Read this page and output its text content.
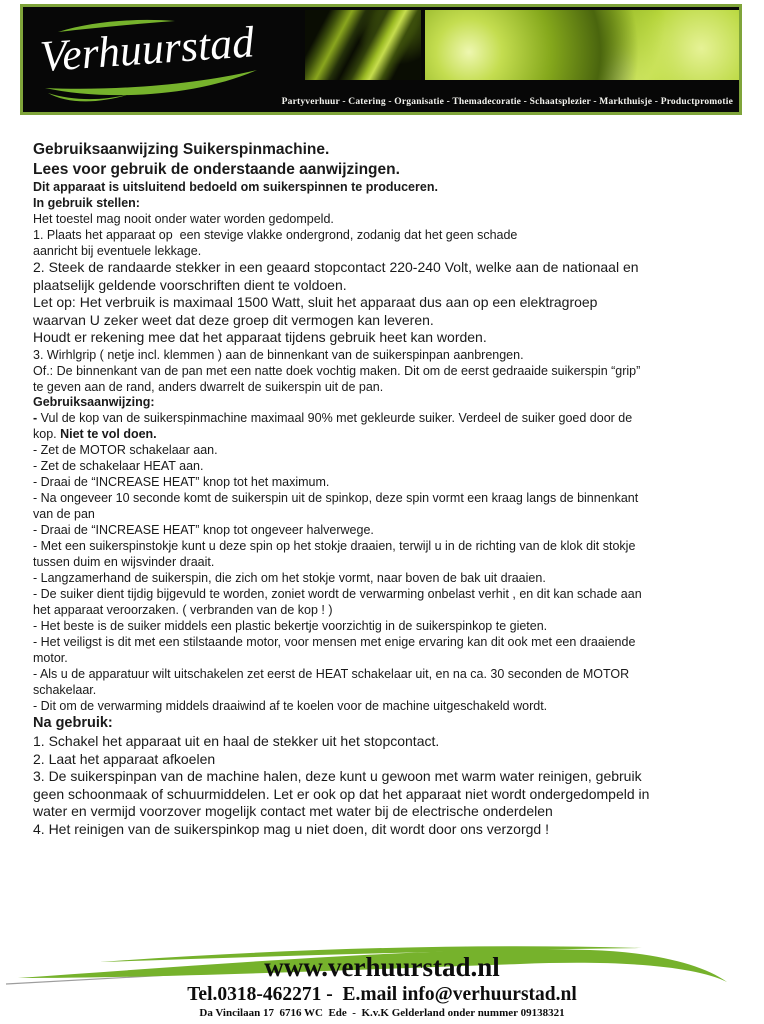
Verhuurstad
Partyverhuur - Catering - Organisatie - Themadecoratie - Schaatsplezier - Markthuisje - Productpromotie
Gebruiksaanwijzing Suikerspinmachine.
Lees voor gebruik de onderstaande aanwijzingen.
Dit apparaat is uitsluitend bedoeld om suikerspinnen te produceren.
In gebruik stellen:
Het toestel mag nooit onder water worden gedompeld.
1. Plaats het apparaat op  een stevige vlakke ondergrond, zodanig dat het geen schade
aanricht bij eventuele lekkage.
2. Steek de randaarde stekker in een geaard stopcontact 220-240 Volt, welke aan de nationaal en
plaatselijk geldende voorschriften dient te voldoen.
Let op: Het verbruik is maximaal 1500 Watt, sluit het apparaat dus aan op een elektragroep
waarvan U zeker weet dat deze groep dit vermogen kan leveren.
Houdt er rekening mee dat het apparaat tijdens gebruik heet kan worden.
3. Wirhlgrip ( netje incl. klemmen ) aan de binnenkant van de suikerspinpan aanbrengen.
Of.: De binnenkant van de pan met een natte doek vochtig maken. Dit om de eerst gedraaide suikerspin “grip”
te geven aan de rand, anders dwarrelt de suikerspin uit de pan.
Gebruiksaanwijzing:
- Vul de kop van de suikerspinmachine maximaal 90% met gekleurde suiker. Verdeel de suiker goed door de
kop. Niet te vol doen.
- Zet de MOTOR schakelaar aan.
- Zet de schakelaar HEAT aan.
- Draai de “INCREASE HEAT” knop tot het maximum.
- Na ongeveer 10 seconde komt de suikerspin uit de spinkop, deze spin vormt een kraag langs de binnenkant
van de pan
- Draai de “INCREASE HEAT” knop tot ongeveer halverwege.
- Met een suikerspinstokje kunt u deze spin op het stokje draaien, terwijl u in de richting van de klok dit stokje
tussen duim en wijsvinder draait.
- Langzamerhand de suikerspin, die zich om het stokje vormt, naar boven de bak uit draaien.
- De suiker dient tijdig bijgevuld te worden, zoniet wordt de verwarming onbelast verhit , en dit kan schade aan
het apparaat veroorzaken. ( verbranden van de kop ! )
- Het beste is de suiker middels een plastic bekertje voorzichtig in de suikerspinkop te gieten.
- Het veiligst is dit met een stilstaande motor, voor mensen met enige ervaring kan dit ook met een draaiende
motor.
- Als u de apparatuur wilt uitschakelen zet eerst de HEAT schakelaar uit, en na ca. 30 seconden de MOTOR
schakelaar.
- Dit om de verwarming middels draaiwind af te koelen voor de machine uitgeschakeld wordt.
Na gebruik:
1. Schakel het apparaat uit en haal de stekker uit het stopcontact.
2. Laat het apparaat afkoelen
3. De suikerspinpan van de machine halen, deze kunt u gewoon met warm water reinigen, gebruik
geen schoonmaak of schuurmiddelen. Let er ook op dat het apparaat niet wordt ondergedompeld in
water en vermijd voorzover mogelijk contact met water bij de electrische onderdelen
4. Het reinigen van de suikerspinkop mag u niet doen, dit wordt door ons verzorgd !
www.verhuurstad.nl
Tel.0318-462271 -  E.mail info@verhuurstad.nl
Da Vincilaan 17  6716 WC  Ede  -  K.v.K Gelderland onder nummer 09138321
